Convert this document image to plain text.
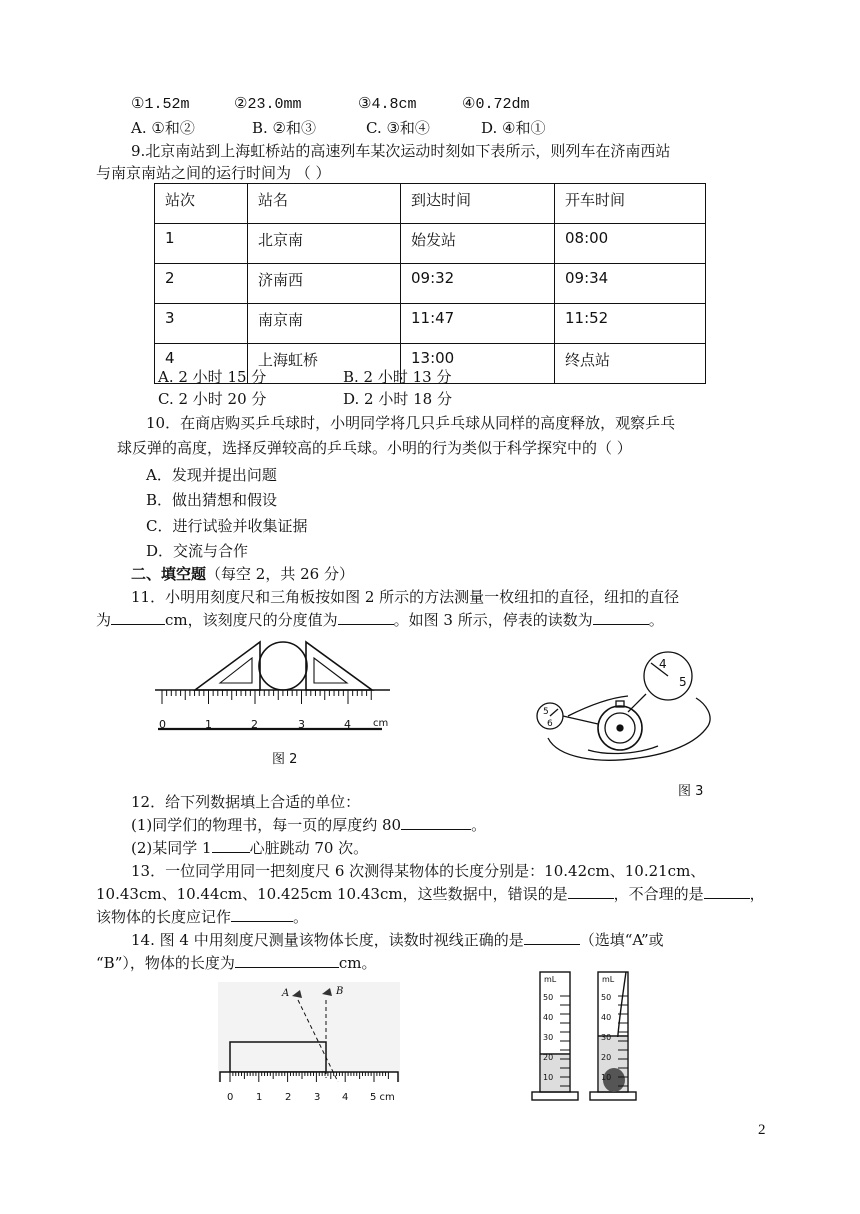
①1.52m	②23.0mm	③4.8cm	④0.72dm
A. ①和②	B. ②和③	C. ③和④	D. ④和①
9.北京南站到上海虹桥站的高速列车某次运动时刻如下表所示，则列车在济南西站
与南京南站之间的运行时间为 （ ）
站次	站名	到达时间	开车时间
1	北京南	始发站	08:00
2	济南西	09:32	09:34
3	南京南	11:47	11:52
4	上海虹桥	13:00	终点站
A. 2 小时 15 分	B. 2 小时 13 分
C. 2 小时 20 分	D. 2 小时 18 分
10．在商店购买乒乓球时，小明同学将几只乒乓球从同样的高度释放，观察乒乓
球反弹的高度，选择反弹较高的乒乓球。小明的行为类似于科学探究中的（ ）
A．发现并提出问题
B．做出猜想和假设
C．进行试验并收集证据
D．交流与合作
二、填空题（每空 2，共 26 分）
11．小明用刻度尺和三角板按如图 2 所示的方法测量一枚纽扣的直径，纽扣的直径
为	cm，该刻度尺的分度值为	。如图 3 所示，停表的读数为	。
0	1	2	3	4 cm
图 2
4
5
5
6
图 3
12．给下列数据填上合适的单位：
(1)同学们的物理书，每一页的厚度约 80	。
(2)某同学 1	心脏跳动 70 次。
13．一位同学用同一把刻度尺 6 次测得某物体的长度分别是：10.42cm、10.21cm、
10.43cm、10.44cm、10.425cm 10.43cm，这些数据中，错误的是	，不合理的是	，
该物体的长度应记作	。
14. 图 4 中用刻度尺测量该物体长度，读数时视线正确的是	（选填“A”或
“B”），物体的长度为	cm。
A	B
mL	mL
50
40
30
20
10
50
40
30
20
10
0 1 2 3 4 5 cm
2
